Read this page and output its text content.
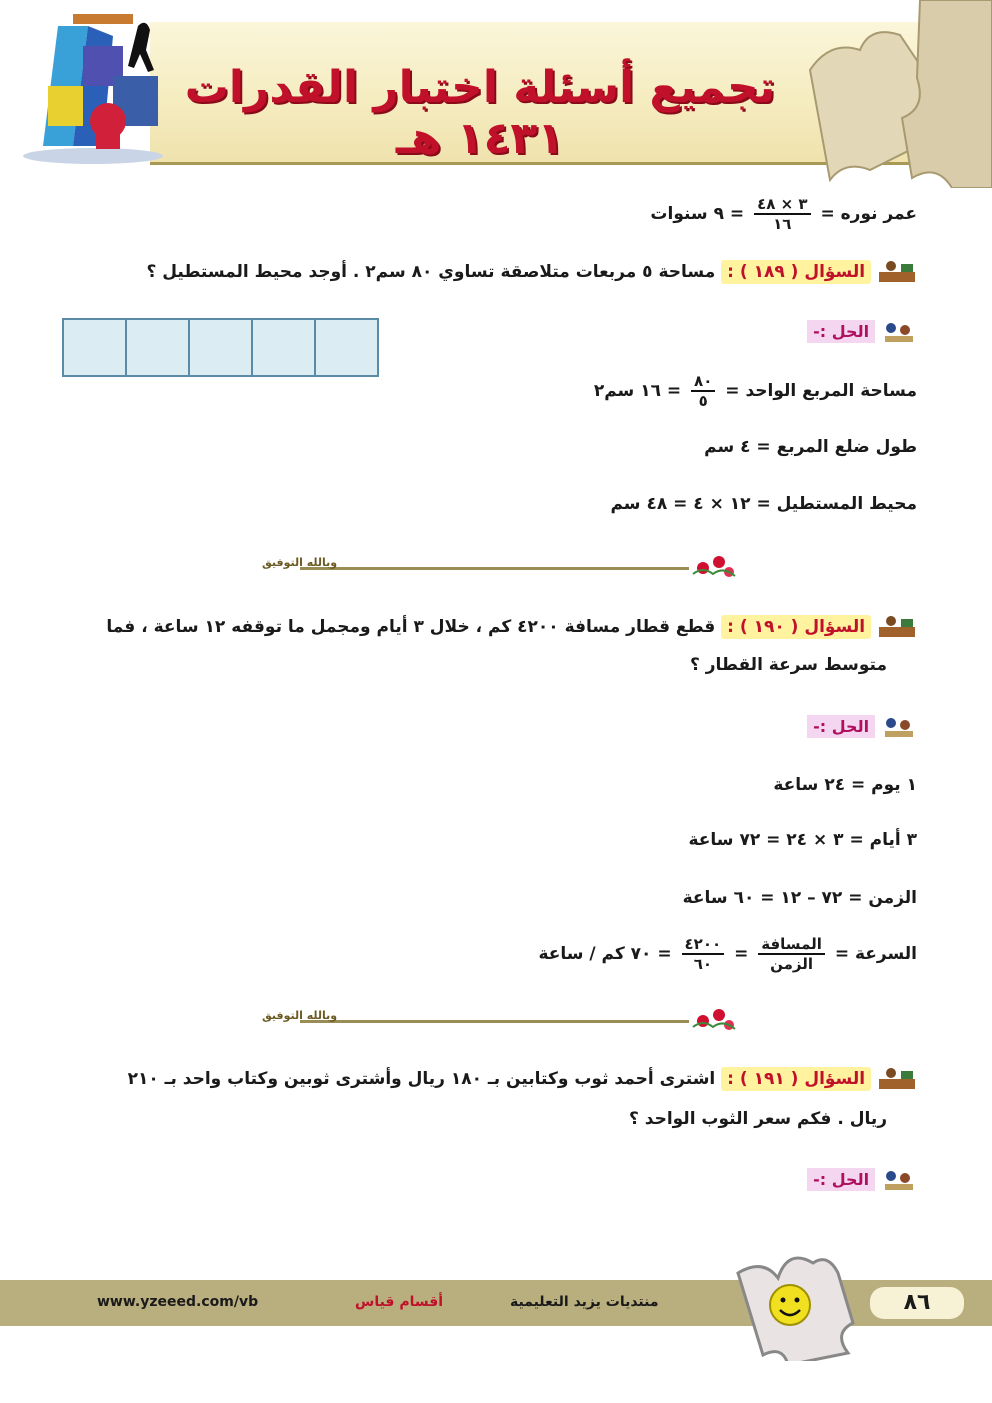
تجميع أسئلة اختبار القدرات ١٤٣١ هـ
عمر نوره =
$\frac{٣ \times ٤٨}{١٦}$
= ٩ سنوات
السؤال ( ١٨٩ ) : مساحة ٥ مربعات متلاصقة تساوي ٨٠ سم٢ . أوجد محيط المستطيل ؟
الحل :-
مساحة المربع الواحد =
$\frac{٨٠}{٥}$
= ١٦ سم٢
طول ضلع المربع = ٤ سم
محيط المستطيل = ١٢ × ٤ = ٤٨ سم
وبالله التوفيق
السؤال ( ١٩٠ ) : قطع قطار مسافة ٤٢٠٠ كم ، خلال ٣ أيام ومجمل ما توقفه ١٢ ساعة ، فما
متوسط سرعة القطار ؟
الحل :-
١ يوم = ٢٤ ساعة
٣ أيام = ٣ × ٢٤ = ٧٢ ساعة
الزمن = ٧٢ – ١٢ = ٦٠ ساعة
السرعة =
$\frac{\text{المسافة}}{\text{الزمن}}$
=
$\frac{٤٢٠٠}{٦٠}$
= ٧٠ كم / ساعة
وبالله التوفيق
السؤال ( ١٩١ ) : اشترى أحمد ثوب وكتابين بـ ١٨٠ ريال وأشترى ثوبين وكتاب واحد بـ ٢١٠
ريال . فكم سعر الثوب الواحد ؟
الحل :-
www.yzeeed.com/vb	أقسام قياس	منتديات يزيد التعليمية	٨٦
